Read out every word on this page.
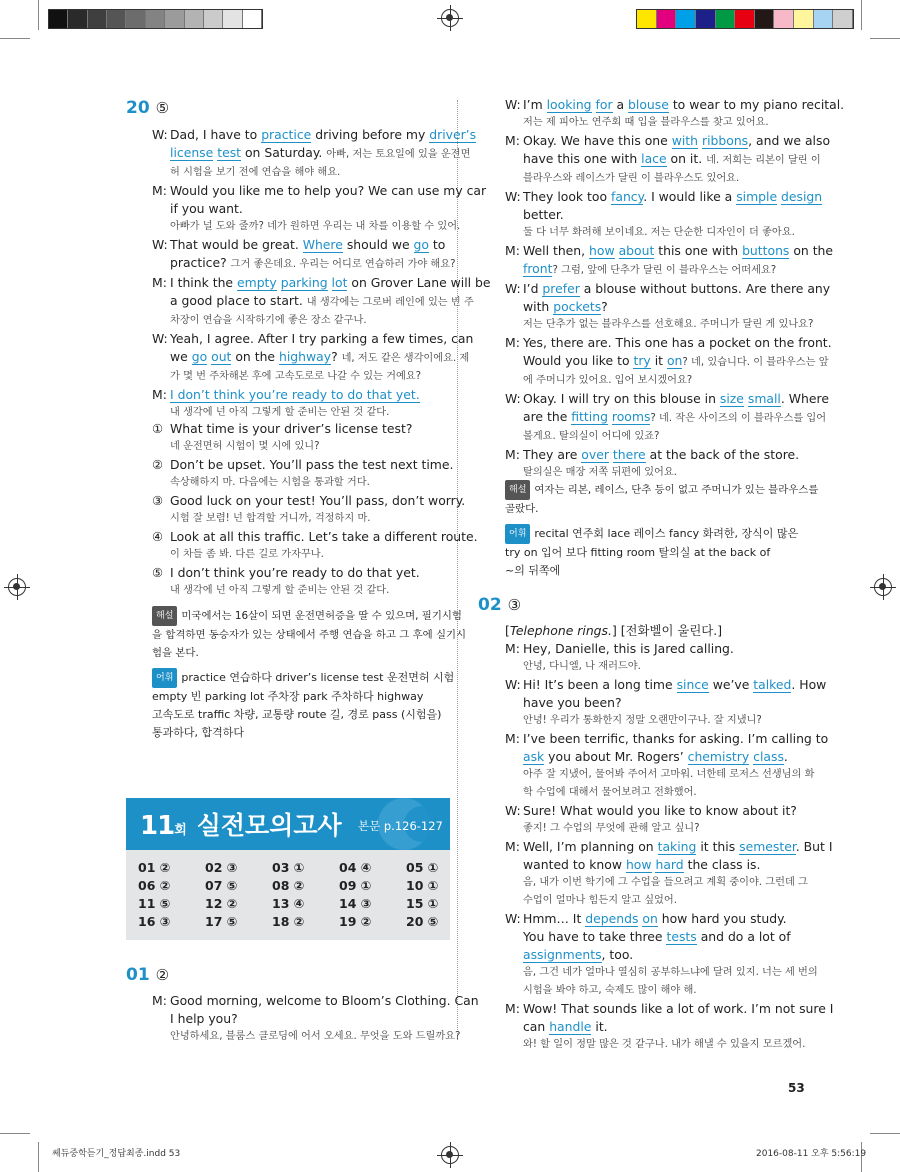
20 ⑤
W: Dad, I have to practice driving before my driver’s
license test on Saturday. 아빠, 저는 토요일에 있을 운전면
허 시험을 보기 전에 연습을 해야 해요.
M: Would you like me to help you? We can use my car
if you want.
아빠가 널 도와 줄까? 네가 원하면 우리는 내 차를 이용할 수 있어.
W: That would be great. Where should we go to
practice? 그거 좋은데요. 우리는 어디로 연습하러 가야 해요?
M: I think the empty parking lot on Grover Lane will be
a good place to start. 내 생각에는 그로버 레인에 있는 빈 주
차장이 연습을 시작하기에 좋은 장소 같구나.
W: Yeah, I agree. After I try parking a few times, can
we go out on the highway? 네, 저도 같은 생각이에요. 제
가 몇 번 주차해본 후에 고속도로로 나갈 수 있는 거예요?
M: I don’t think you’re ready to do that yet.
내 생각에 넌 아직 그렇게 할 준비는 안된 것 같다.
① What time is your driver’s license test?
네 운전면허 시험이 몇 시에 있니?
② Don’t be upset. You’ll pass the test next time.
속상해하지 마. 다음에는 시험을 통과할 거다.
③ Good luck on your test! You’ll pass, don’t worry.
시험 잘 보렴! 넌 합격할 거니까, 걱정하지 마.
④ Look at all this traffic. Let’s take a different route.
이 차들 좀 봐. 다른 길로 가자꾸나.
⑤ I don’t think you’re ready to do that yet.
내 생각에 넌 아직 그렇게 할 준비는 안된 것 같다.
해설 미국에서는 16살이 되면 운전면허증을 딸 수 있으며, 필기시험
을 합격하면 동승자가 있는 상태에서 주행 연습을 하고 그 후에 실기시
험을 본다.
어휘 practice 연습하다 driver’s license test 운전면허 시험
empty 빈 parking lot 주차장 park 주차하다 highway
고속도로 traffic 차량, 교통량 route 길, 경로 pass (시험을)
통과하다, 합격하다
11회 실전모의고사 본문 p.126-127
01 ②	02 ③	03 ①	04 ④	05 ①
06 ②	07 ⑤	08 ②	09 ①	10 ①
11 ⑤	12 ②	13 ④	14 ③	15 ①
16 ③	17 ⑤	18 ②	19 ②	20 ⑤
01 ②
M: Good morning, welcome to Bloom’s Clothing. Can
I help you?
안녕하세요, 블룸스 클로딩에 어서 오세요. 무엇을 도와 드릴까요?
W: I’m looking for a blouse to wear to my piano recital.
저는 제 피아노 연주회 때 입을 블라우스를 찾고 있어요.
M: Okay. We have this one with ribbons, and we also
have this one with lace on it. 네. 저희는 리본이 달린 이
블라우스와 레이스가 달린 이 블라우스도 있어요.
W: They look too fancy. I would like a simple design
better.
둘 다 너무 화려해 보이네요. 저는 단순한 디자인이 더 좋아요.
M: Well then, how about this one with buttons on the
front? 그럼, 앞에 단추가 달린 이 블라우스는 어떠세요?
W: I’d prefer a blouse without buttons. Are there any
with pockets?
저는 단추가 없는 블라우스를 선호해요. 주머니가 달린 게 있나요?
M: Yes, there are. This one has a pocket on the front.
Would you like to try it on? 네, 있습니다. 이 블라우스는 앞
에 주머니가 있어요. 입어 보시겠어요?
W: Okay. I will try on this blouse in size small. Where
are the fitting rooms? 네. 작은 사이즈의 이 블라우스를 입어
볼게요. 탈의실이 어디에 있죠?
M: They are over there at the back of the store.
탈의실은 매장 저쪽 뒤편에 있어요.
해설 여자는 리본, 레이스, 단추 등이 없고 주머니가 있는 블라우스를
골랐다.
어휘 recital 연주회 lace 레이스 fancy 화려한, 장식이 많은
try on 입어 보다 fitting room 탈의실 at the back of
~의 뒤쪽에
02 ③
[Telephone rings.] [전화벨이 울린다.]
M: Hey, Danielle, this is Jared calling.
안녕, 다니엘, 나 재러드야.
W: Hi! It’s been a long time since we’ve talked. How
have you been?
안녕! 우리가 통화한지 정말 오랜만이구나. 잘 지냈니?
M: I’ve been terrific, thanks for asking. I’m calling to
ask you about Mr. Rogers’ chemistry class.
아주 잘 지냈어, 물어봐 주어서 고마워. 너한테 로저스 선생님의 화
학 수업에 대해서 물어보려고 전화했어.
W: Sure! What would you like to know about it?
좋지! 그 수업의 무엇에 관해 알고 싶니?
M: Well, I’m planning on taking it this semester. But I
wanted to know how hard the class is.
음, 내가 이번 학기에 그 수업을 들으려고 계획 중이야. 그런데 그
수업이 얼마나 힘든지 알고 싶었어.
W: Hmm… It depends on how hard you study.
You have to take three tests and do a lot of
assignments, too.
음, 그건 네가 얼마나 열심히 공부하느냐에 달려 있지. 너는 세 번의
시험을 봐야 하고, 숙제도 많이 해야 해.
M: Wow! That sounds like a lot of work. I’m not sure I
can handle it.
와! 할 일이 정말 많은 것 같구나. 내가 해낼 수 있을지 모르겠어.
53
쎄듀중학듣기_정답최종.indd 53	2016-08-11 오후 5:56:19
